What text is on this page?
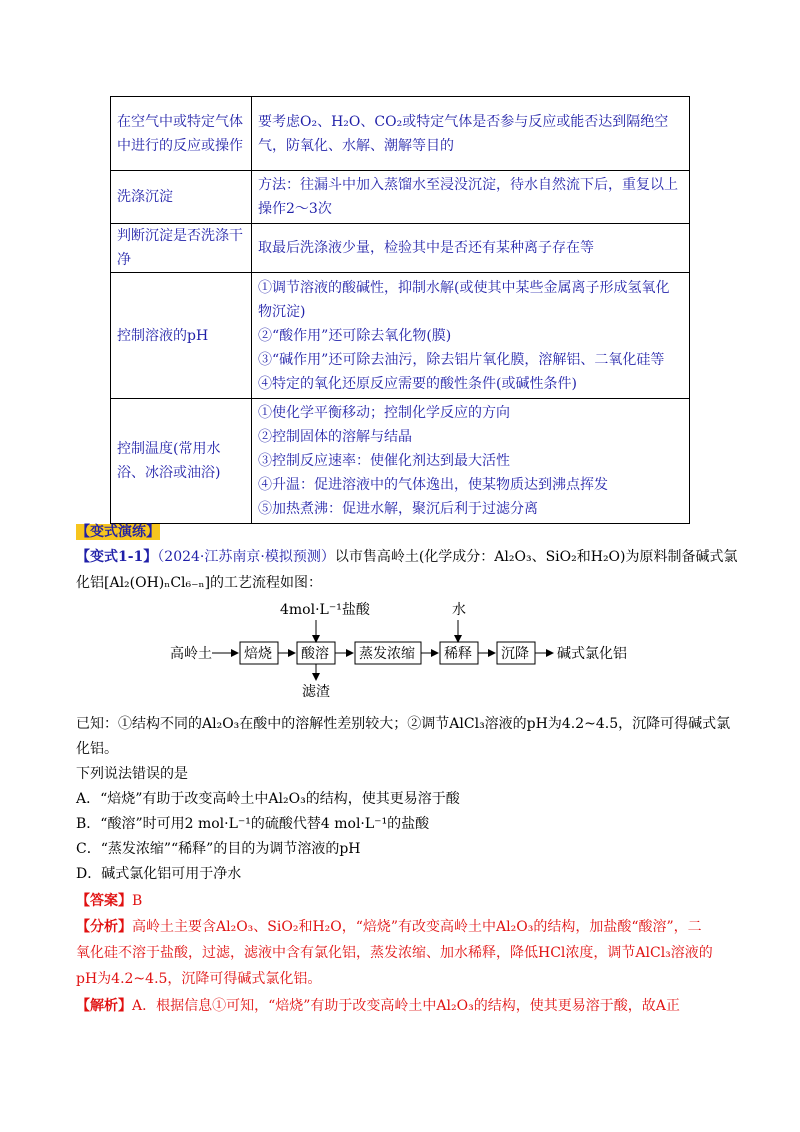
在空气中或特定气体中进行的反应或操作	要考虑O₂、H₂O、CO₂或特定气体是否参与反应或能否达到隔绝空气，防氧化、水解、潮解等目的
洗涤沉淀	方法：往漏斗中加入蒸馏水至浸没沉淀，待水自然流下后，重复以上操作2～3次
判断沉淀是否洗涤干净	取最后洗涤液少量，检验其中是否还有某种离子存在等
控制溶液的pH	①调节溶液的酸碱性，抑制水解(或使其中某些金属离子形成氢氧化物沉淀)
②“酸作用”还可除去氧化物(膜)
③“碱作用”还可除去油污，除去铝片氧化膜，溶解铝、二氧化硅等
④特定的氧化还原反应需要的酸性条件(或碱性条件)

控制温度(常用水浴、冰浴或油浴)	①使化学平衡移动；控制化学反应的方向
②控制固体的溶解与结晶
③控制反应速率：使催化剂达到最大活性
④升温：促进溶液中的气体逸出，使某物质达到沸点挥发
⑤加热煮沸：促进水解，聚沉后利于过滤分离
【变式演练】
【变式1-1】（2024·江苏南京·模拟预测）以市售高岭土(化学成分：Al₂O₃、SiO₂和H₂O)为原料制备碱式氯
化铝[Al₂(OH)ₙCl₆₋ₙ]的工艺流程如图：
4mol·L⁻¹盐酸	水
高岭土 焙烧 酸溶 蒸发浓缩 稀释 沉降 碱式氯化铝
滤渣
已知：①结构不同的Al₂O₃在酸中的溶解性差别较大；②调节AlCl₃溶液的pH为4.2~4.5，沉降可得碱式氯
化铝。
下列说法错误的是
A．“焙烧”有助于改变高岭土中Al₂O₃的结构，使其更易溶于酸
B．“酸溶”时可用2 mol·L⁻¹的硫酸代替4 mol·L⁻¹的盐酸
C．“蒸发浓缩”“稀释”的目的为调节溶液的pH
D．碱式氯化铝可用于净水
【答案】B
【分析】高岭土主要含Al₂O₃、SiO₂和H₂O，“焙烧”有改变高岭土中Al₂O₃的结构，加盐酸“酸溶”，二
氧化硅不溶于盐酸，过滤，滤液中含有氯化铝，蒸发浓缩、加水稀释，降低HCl浓度，调节AlCl₃溶液的
pH为4.2~4.5，沉降可得碱式氯化铝。
【解析】A．根据信息①可知，“焙烧”有助于改变高岭土中Al₂O₃的结构，使其更易溶于酸，故A正
